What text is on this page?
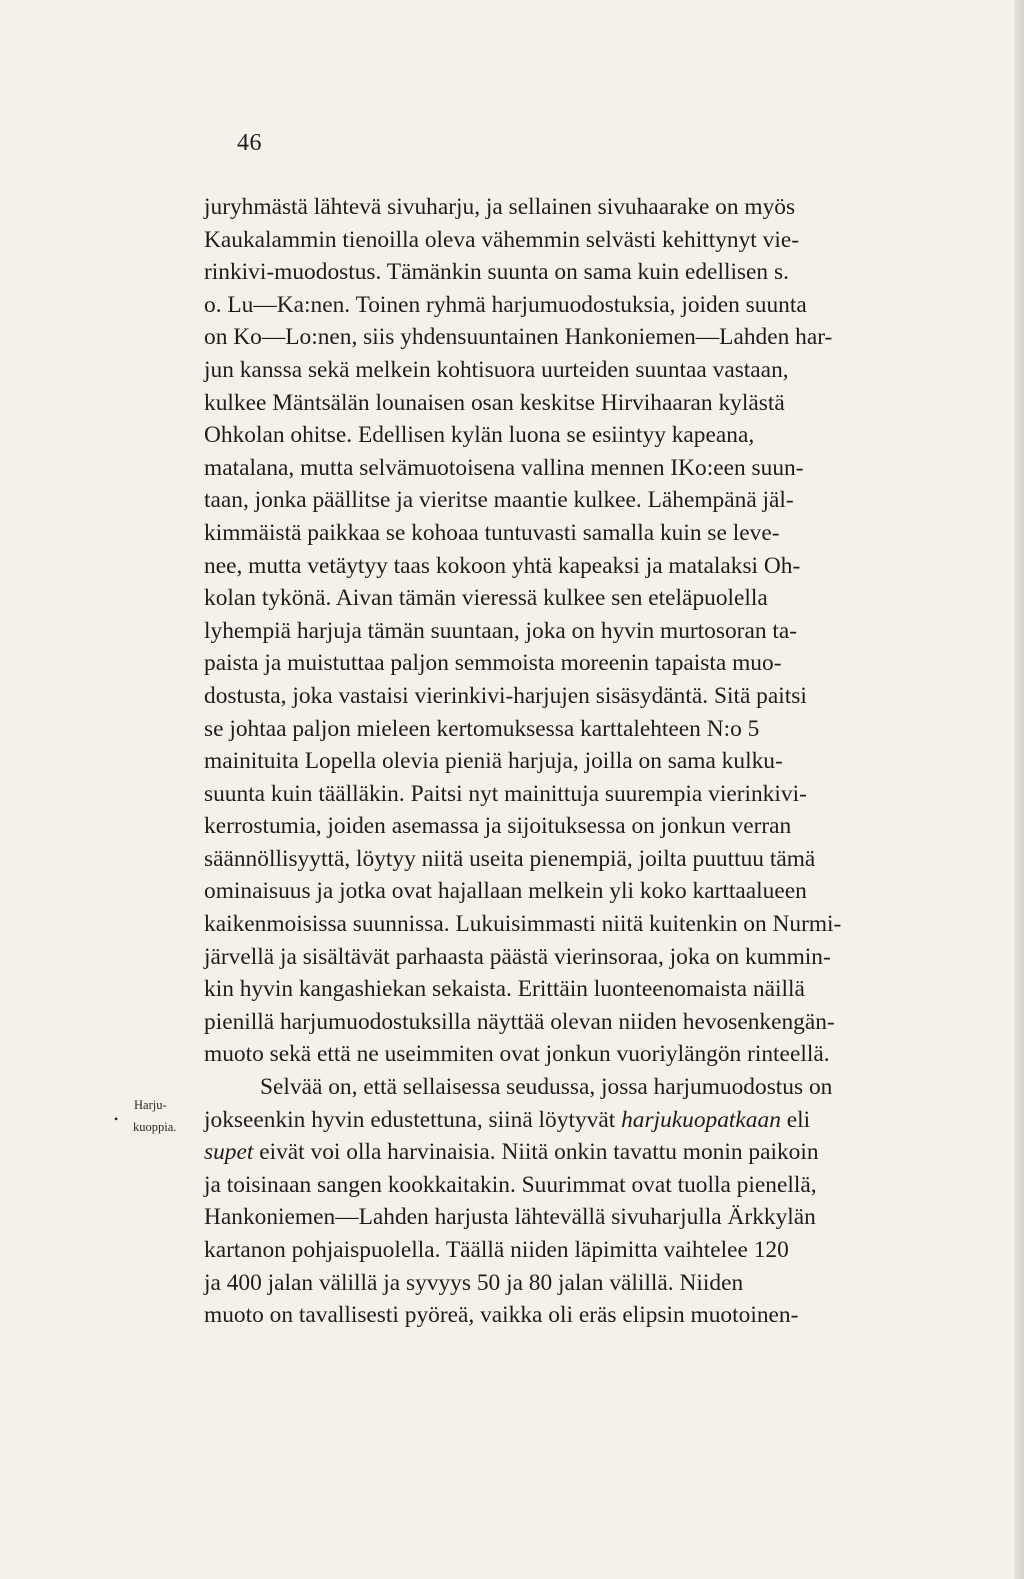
46
•
Harju-
kuoppia.
juryhmästä lähtevä sivuharju, ja sellainen sivuhaarake on myös
Kaukalammin tienoilla oleva vähemmin selvästi kehittynyt vie-
rinkivi-muodostus. Tämänkin suunta on sama kuin edellisen s.
o. Lu—Ka:nen. Toinen ryhmä harjumuodostuksia, joiden suunta
on Ko—Lo:nen, siis yhdensuuntainen Hankoniemen—Lahden har-
jun kanssa sekä melkein kohtisuora uurteiden suuntaa vastaan,
kulkee Mäntsälän lounaisen osan keskitse Hirvihaaran kylästä
Ohkolan ohitse. Edellisen kylän luona se esiintyy kapeana,
matalana, mutta selvämuotoisena vallina mennen IKo:een suun-
taan, jonka päällitse ja vieritse maantie kulkee. Lähempänä jäl-
kimmäistä paikkaa se kohoaa tuntuvasti samalla kuin se leve-
nee, mutta vetäytyy taas kokoon yhtä kapeaksi ja matalaksi Oh-
kolan tykönä. Aivan tämän vieressä kulkee sen eteläpuolella
lyhempiä harjuja tämän suuntaan, joka on hyvin murtosoran ta-
paista ja muistuttaa paljon semmoista moreenin tapaista muo-
dostusta, joka vastaisi vierinkivi-harjujen sisäsydäntä. Sitä paitsi
se johtaa paljon mieleen kertomuksessa karttalehteen N:o 5
mainituita Lopella olevia pieniä harjuja, joilla on sama kulku-
suunta kuin täälläkin. Paitsi nyt mainittuja suurempia vierinkivi-
kerrostumia, joiden asemassa ja sijoituksessa on jonkun verran
säännöllisyyttä, löytyy niitä useita pienempiä, joilta puuttuu tämä
ominaisuus ja jotka ovat hajallaan melkein yli koko karttaalueen
kaikenmoisissa suunnissa. Lukuisimmasti niitä kuitenkin on Nurmi-
järvellä ja sisältävät parhaasta päästä vierinsoraa, joka on kummin-
kin hyvin kangashiekan sekaista. Erittäin luonteenomaista näillä
pienillä harjumuodostuksilla näyttää olevan niiden hevosenkengän-
muoto sekä että ne useimmiten ovat jonkun vuoriylängön rinteellä.
Selvää on, että sellaisessa seudussa, jossa harjumuodostus on
jokseenkin hyvin edustettuna, siinä löytyvät harjukuopatkaan eli
supet eivät voi olla harvinaisia. Niitä onkin tavattu monin paikoin
ja toisinaan sangen kookkaitakin. Suurimmat ovat tuolla pienellä,
Hankoniemen—Lahden harjusta lähtevällä sivuharjulla Ärkkylän
kartanon pohjaispuolella. Täällä niiden läpimitta vaihtelee 120
ja 400 jalan välillä ja syvyys 50 ja 80 jalan välillä. Niiden
muoto on tavallisesti pyöreä, vaikka oli eräs elipsin muotoinen-
